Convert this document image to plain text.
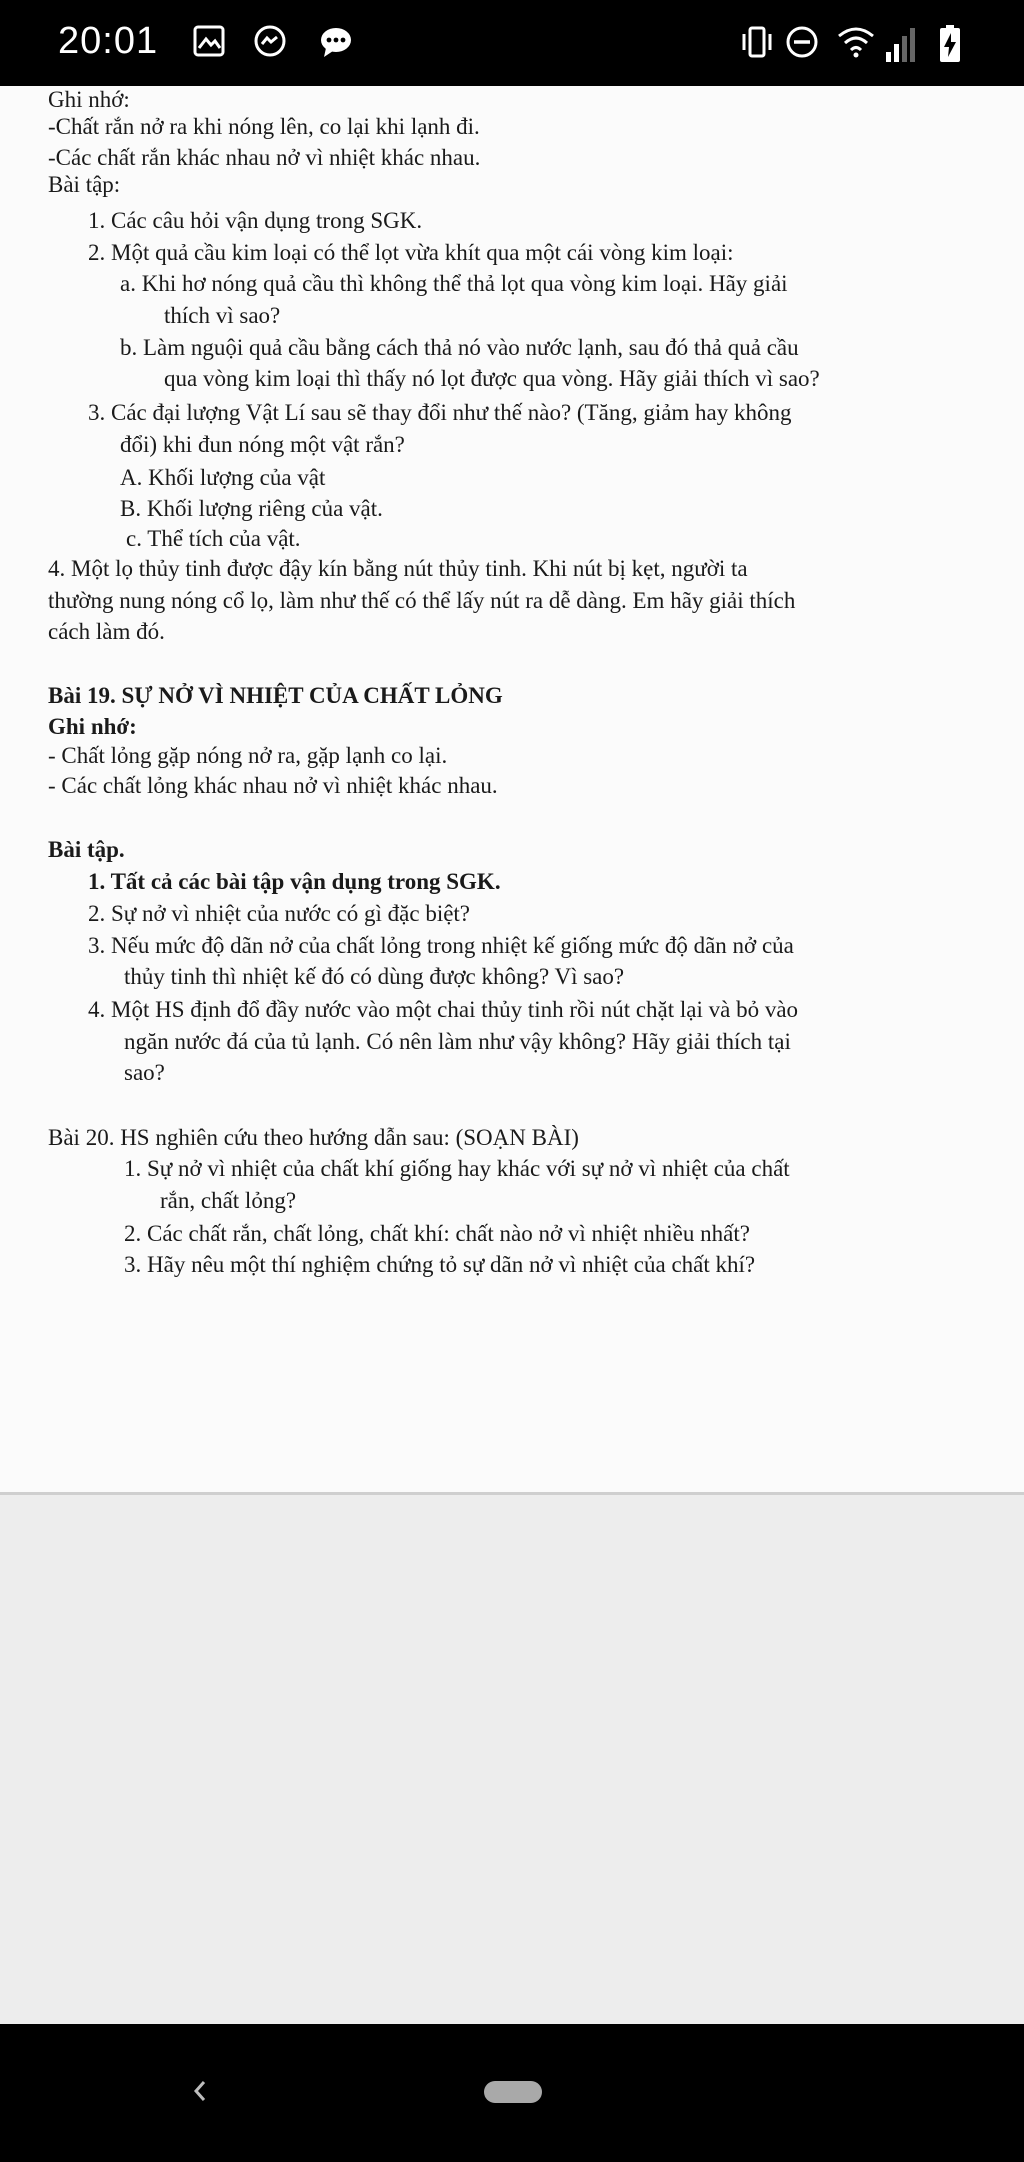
20:01
Ghi nhớ:
-Chất rắn nở ra khi nóng lên, co lại khi lạnh đi.
-Các chất rắn khác nhau nở vì nhiệt khác nhau.
Bài tập:
1. Các câu hỏi vận dụng trong SGK.
2. Một quả cầu kim loại có thể lọt vừa khít qua một cái vòng kim loại:
a. Khi hơ nóng quả cầu thì không thể thả lọt qua vòng kim loại. Hãy giải
thích vì sao?
b. Làm nguội quả cầu bằng cách thả nó vào nước lạnh, sau đó thả quả cầu
qua vòng kim loại thì thấy nó lọt được qua vòng. Hãy giải thích vì sao?
3. Các đại lượng Vật Lí sau sẽ thay đổi như thế nào? (Tăng, giảm hay không
đổi) khi đun nóng một vật rắn?
A. Khối lượng của vật
B. Khối lượng riêng của vật.
c. Thể tích của vật.
4. Một lọ thủy tinh được đậy kín bằng nút thủy tinh. Khi nút bị kẹt, người ta
thường nung nóng cổ lọ, làm như thế có thể lấy nút ra dễ dàng. Em hãy giải thích
cách làm đó.
Bài 19. SỰ NỞ VÌ NHIỆT CỦA CHẤT LỎNG
Ghi nhớ:
- Chất lỏng gặp nóng nở ra, gặp lạnh co lại.
- Các chất lỏng khác nhau nở vì nhiệt khác nhau.
Bài tập.
1. Tất cả các bài tập vận dụng trong SGK.
2. Sự nở vì nhiệt của nước có gì đặc biệt?
3. Nếu mức độ dãn nở của chất lỏng trong nhiệt kế giống mức độ dãn nở của
thủy tinh thì nhiệt kế đó có dùng được không? Vì sao?
4. Một HS định đổ đầy nước vào một chai thủy tinh rồi nút chặt lại và bỏ vào
ngăn nước đá của tủ lạnh. Có nên làm như vậy không? Hãy giải thích tại
sao?
Bài 20. HS nghiên cứu theo hướng dẫn sau: (SOẠN BÀI)
1. Sự nở vì nhiệt của chất khí giống hay khác với sự nở vì nhiệt của chất
rắn, chất lỏng?
2. Các chất rắn, chất lỏng, chất khí: chất nào nở vì nhiệt nhiều nhất?
3. Hãy nêu một thí nghiệm chứng tỏ sự dãn nở vì nhiệt của chất khí?
